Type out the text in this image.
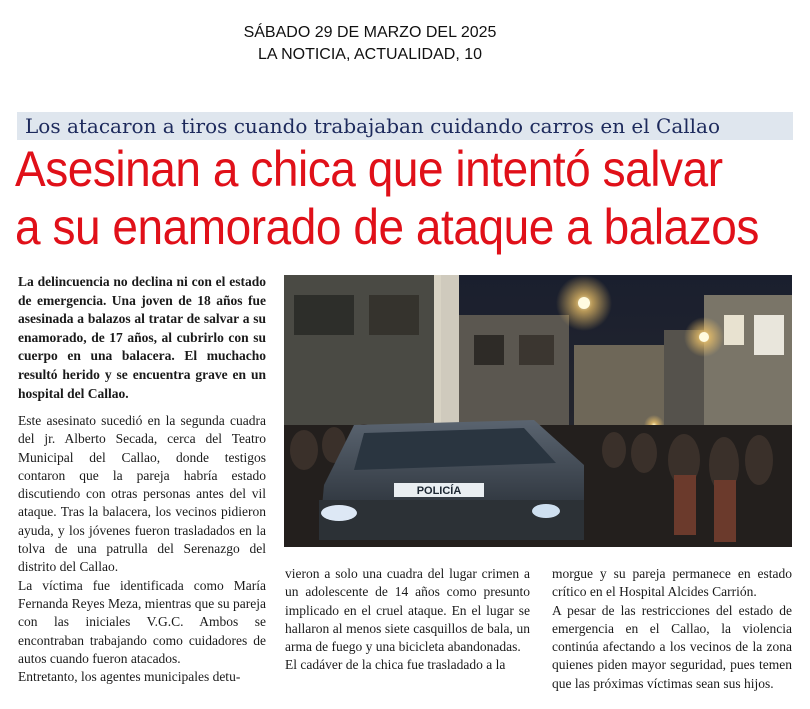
SÁBADO 29 DE MARZO DEL 2025
LA NOTICIA, ACTUALIDAD, 10
Los atacaron a tiros cuando trabajaban cuidando carros en el Callao
Asesinan a chica que intentó salvar
a su enamorado de ataque a balazos
La delincuencia no declina ni con el estado de emergencia. Una joven de 18 años fue asesinada a balazos al tratar de salvar a su enamorado, de 17 años, al cubrirlo con su cuerpo en una balacera. El muchacho resultó herido y se encuentra grave en un hospital del Callao.

Este asesinato sucedió en la segunda cuadra del jr. Alberto Secada, cerca del Teatro Municipal del Callao, donde testigos contaron que la pareja habría estado discutiendo con otras personas antes del vil ataque. Tras la balacera, los vecinos pidieron ayuda, y los jóvenes fueron trasladados en la tolva de una patrulla del Serenazgo del distrito del Callao.

La víctima fue identificada como María Fernanda Reyes Meza, mientras que su pareja con las iniciales V.G.C. Ambos se encontraban trabajando como cuidadores de autos cuando fueron atacados.

Entretanto, los agentes municipales detu-

POLICÍA

vieron a solo una cuadra del lugar crimen a un adolescente de 14 años como presunto implicado en el cruel ataque. En el lugar se hallaron al menos siete casquillos de bala, un arma de fuego y una bicicleta abandonadas.

El cadáver de la chica fue trasladado a la

morgue y su pareja permanece en estado crítico en el Hospital Alcides Carrión.

A pesar de las restricciones del estado de emergencia en el Callao, la violencia continúa afectando a los vecinos de la zona quienes piden mayor seguridad, pues temen que las próximas víctimas sean sus hijos.
